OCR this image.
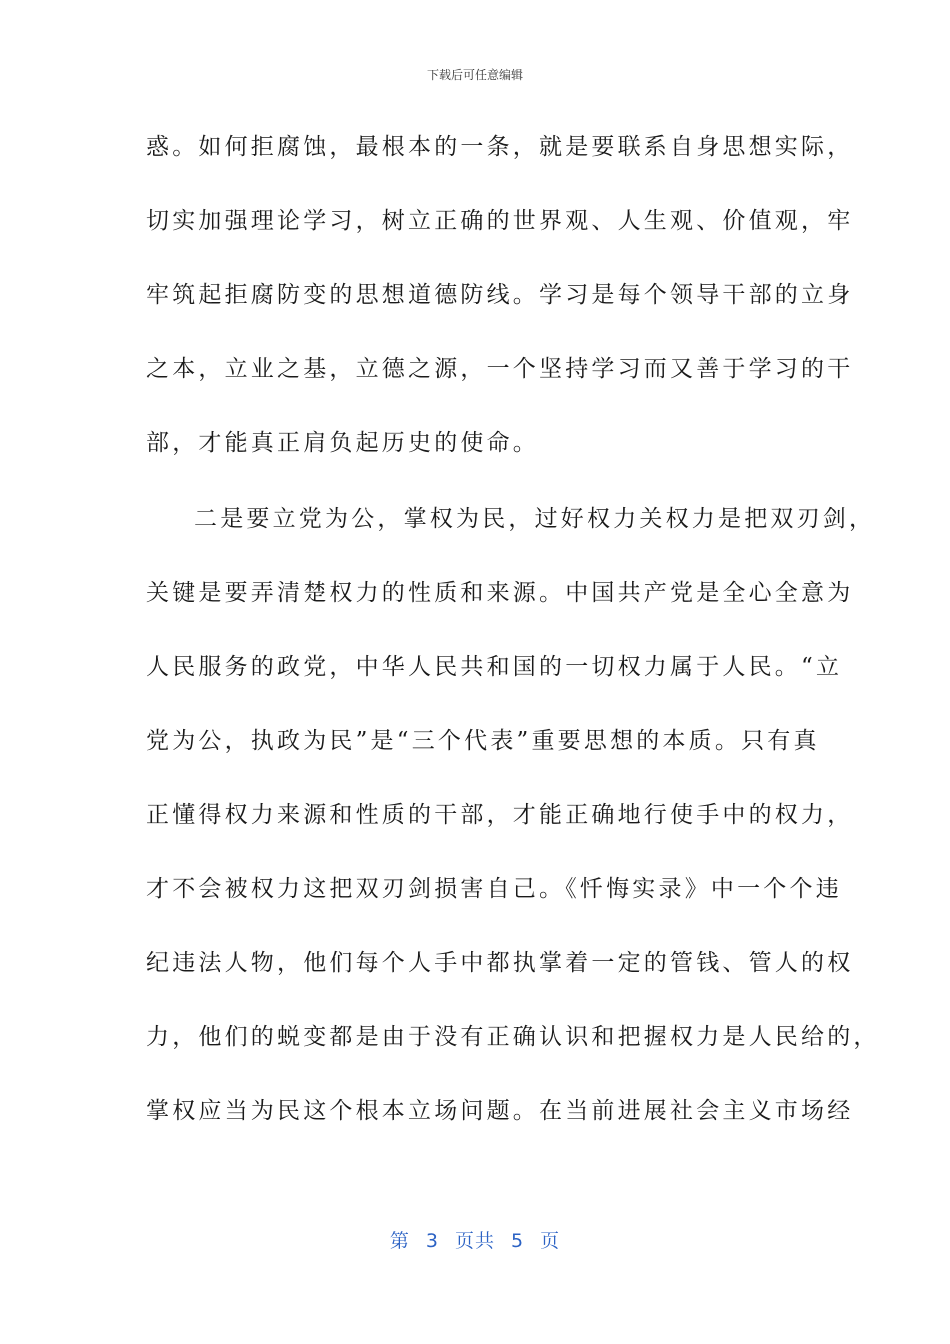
下载后可任意编辑
惑。如何拒腐蚀，最根本的一条，就是要联系自身思想实际，
切实加强理论学习，树立正确的世界观、人生观、价值观，牢
牢筑起拒腐防变的思想道德防线。学习是每个领导干部的立身
之本，立业之基，立德之源，一个坚持学习而又善于学习的干
部，才能真正肩负起历史的使命。
二是要立党为公，掌权为民，过好权力关权力是把双刃剑，
关键是要弄清楚权力的性质和来源。中国共产党是全心全意为
人民服务的政党，中华人民共和国的一切权力属于人民。“立
党为公，执政为民”是“三个代表”重要思想的本质。只有真
正懂得权力来源和性质的干部，才能正确地行使手中的权力，
才不会被权力这把双刃剑损害自己。《忏悔实录》中一个个违
纪违法人物，他们每个人手中都执掌着一定的管钱、管人的权
力，他们的蜕变都是由于没有正确认识和把握权力是人民给的，
掌权应当为民这个根本立场问题。在当前进展社会主义市场经
第 3 页共 5 页
